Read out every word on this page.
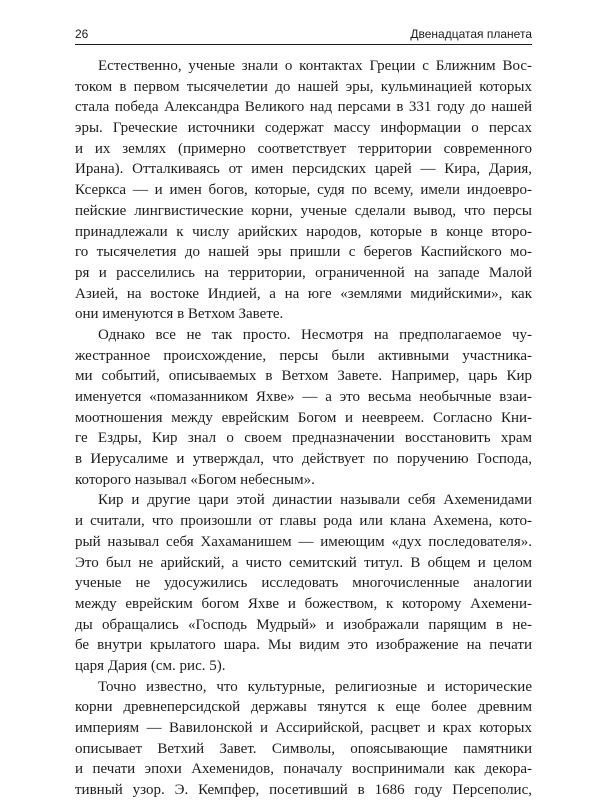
26	Двенадцатая планета
Естественно, ученые знали о контактах Греции с Ближним Вос-
током в первом тысячелетии до нашей эры, кульминацией которых
стала победа Александра Великого над персами в 331 году до нашей
эры. Греческие источники содержат массу информации о персах
и их землях (примерно соответствует территории современного
Ирана). Отталкиваясь от имен персидских царей — Кира, Дария,
Ксеркса — и имен богов, которые, судя по всему, имели индоевро-
пейские лингвистические корни, ученые сделали вывод, что персы
принадлежали к числу арийских народов, которые в конце второ-
го тысячелетия до нашей эры пришли с берегов Каспийского мо-
ря и расселились на территории, ограниченной на западе Малой
Азией, на востоке Индией, а на юге «землями мидийскими», как
они именуются в Ветхом Завете.
Однако все не так просто. Несмотря на предполагаемое чу-
жестранное происхождение, персы были активными участника-
ми событий, описываемых в Ветхом Завете. Например, царь Кир
именуется «помазанником Яхве» — а это весьма необычные взаи-
моотношения между еврейским Богом и неевреем. Согласно Кни-
ге Ездры, Кир знал о своем предназначении восстановить храм
в Иерусалиме и утверждал, что действует по поручению Господа,
которого называл «Богом небесным».
Кир и другие цари этой династии называли себя Ахеменидами
и считали, что произошли от главы рода или клана Ахемена, кото-
рый называл себя Хахаманишем — имеющим «дух последователя».
Это был не арийский, а чисто семитский титул. В общем и целом
ученые не удосужились исследовать многочисленные аналогии
между еврейским богом Яхве и божеством, к которому Ахемени-
ды обращались «Господь Мудрый» и изображали парящим в не-
бе внутри крылатого шара. Мы видим это изображение на печати
царя Дария (см. рис. 5).
Точно известно, что культурные, религиозные и исторические
корни древнеперсидской державы тянутся к еще более древним
империям — Вавилонской и Ассирийской, расцвет и крах которых
описывает Ветхий Завет. Символы, опоясывающие памятники
и печати эпохи Ахеменидов, поначалу воспринимали как декора-
тивный узор. Э. Кемпфер, посетивший в 1686 году Персеполис,
